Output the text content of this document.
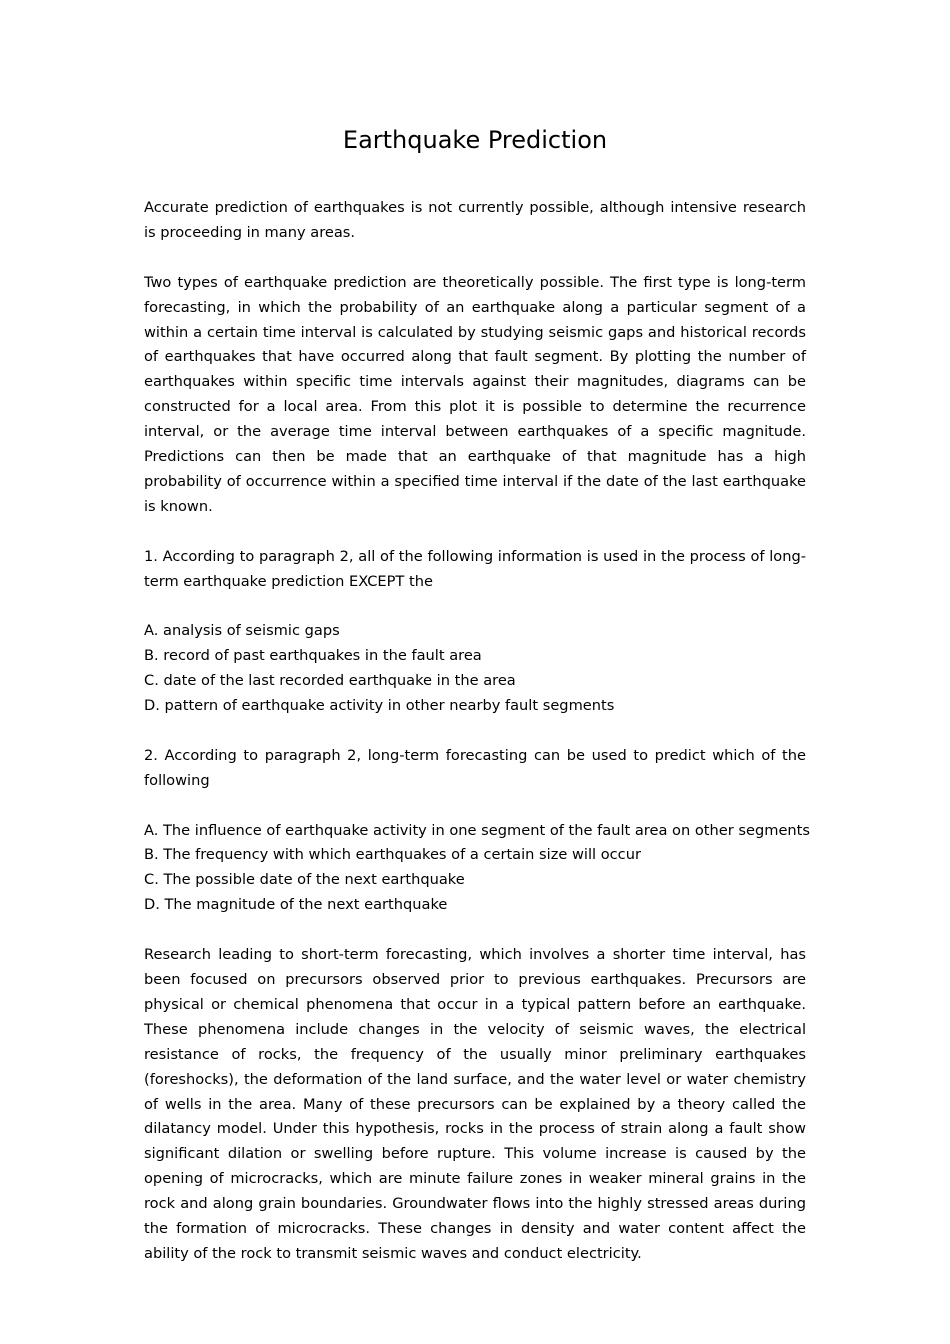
Earthquake Prediction

Accurate prediction of earthquakes is not currently possible, although intensive research is proceeding in many areas.

Two types of earthquake prediction are theoretically possible. The first type is long-term forecasting, in which the probability of an earthquake along a particular segment of a within a certain time interval is calculated by studying seismic gaps and historical records of earthquakes that have occurred along that fault segment. By plotting the number of earthquakes within specific time intervals against their magnitudes, diagrams can be constructed for a local area. From this plot it is possible to determine the recurrence interval, or the average time interval between earthquakes of a specific magnitude. Predictions can then be made that an earthquake of that magnitude has a high probability of occurrence within a specified time interval if the date of the last earthquake is known.

1. According to paragraph 2, all of the following information is used in the process of long-term earthquake prediction EXCEPT the

A. analysis of seismic gaps
B. record of past earthquakes in the fault area
C. date of the last recorded earthquake in the area
D. pattern of earthquake activity in other nearby fault segments

2. According to paragraph 2, long-term forecasting can be used to predict which of the following

A. The influence of earthquake activity in one segment of the fault area on other segments
B. The frequency with which earthquakes of a certain size will occur
C. The possible date of the next earthquake
D. The magnitude of the next earthquake

Research leading to short-term forecasting, which involves a shorter time interval, has been focused on precursors observed prior to previous earthquakes. Precursors are physical or chemical phenomena that occur in a typical pattern before an earthquake. These phenomena include changes in the velocity of seismic waves, the electrical resistance of rocks, the frequency of the usually minor preliminary earthquakes (foreshocks), the deformation of the land surface, and the water level or water chemistry of wells in the area. Many of these precursors can be explained by a theory called the dilatancy model. Under this hypothesis, rocks in the process of strain along a fault show significant dilation or swelling before rupture. This volume increase is caused by the opening of microcracks, which are minute failure zones in weaker mineral grains in the rock and along grain boundaries. Groundwater flows into the highly stressed areas during the formation of microcracks. These changes in density and water content affect the ability of the rock to transmit seismic waves and conduct electricity.
